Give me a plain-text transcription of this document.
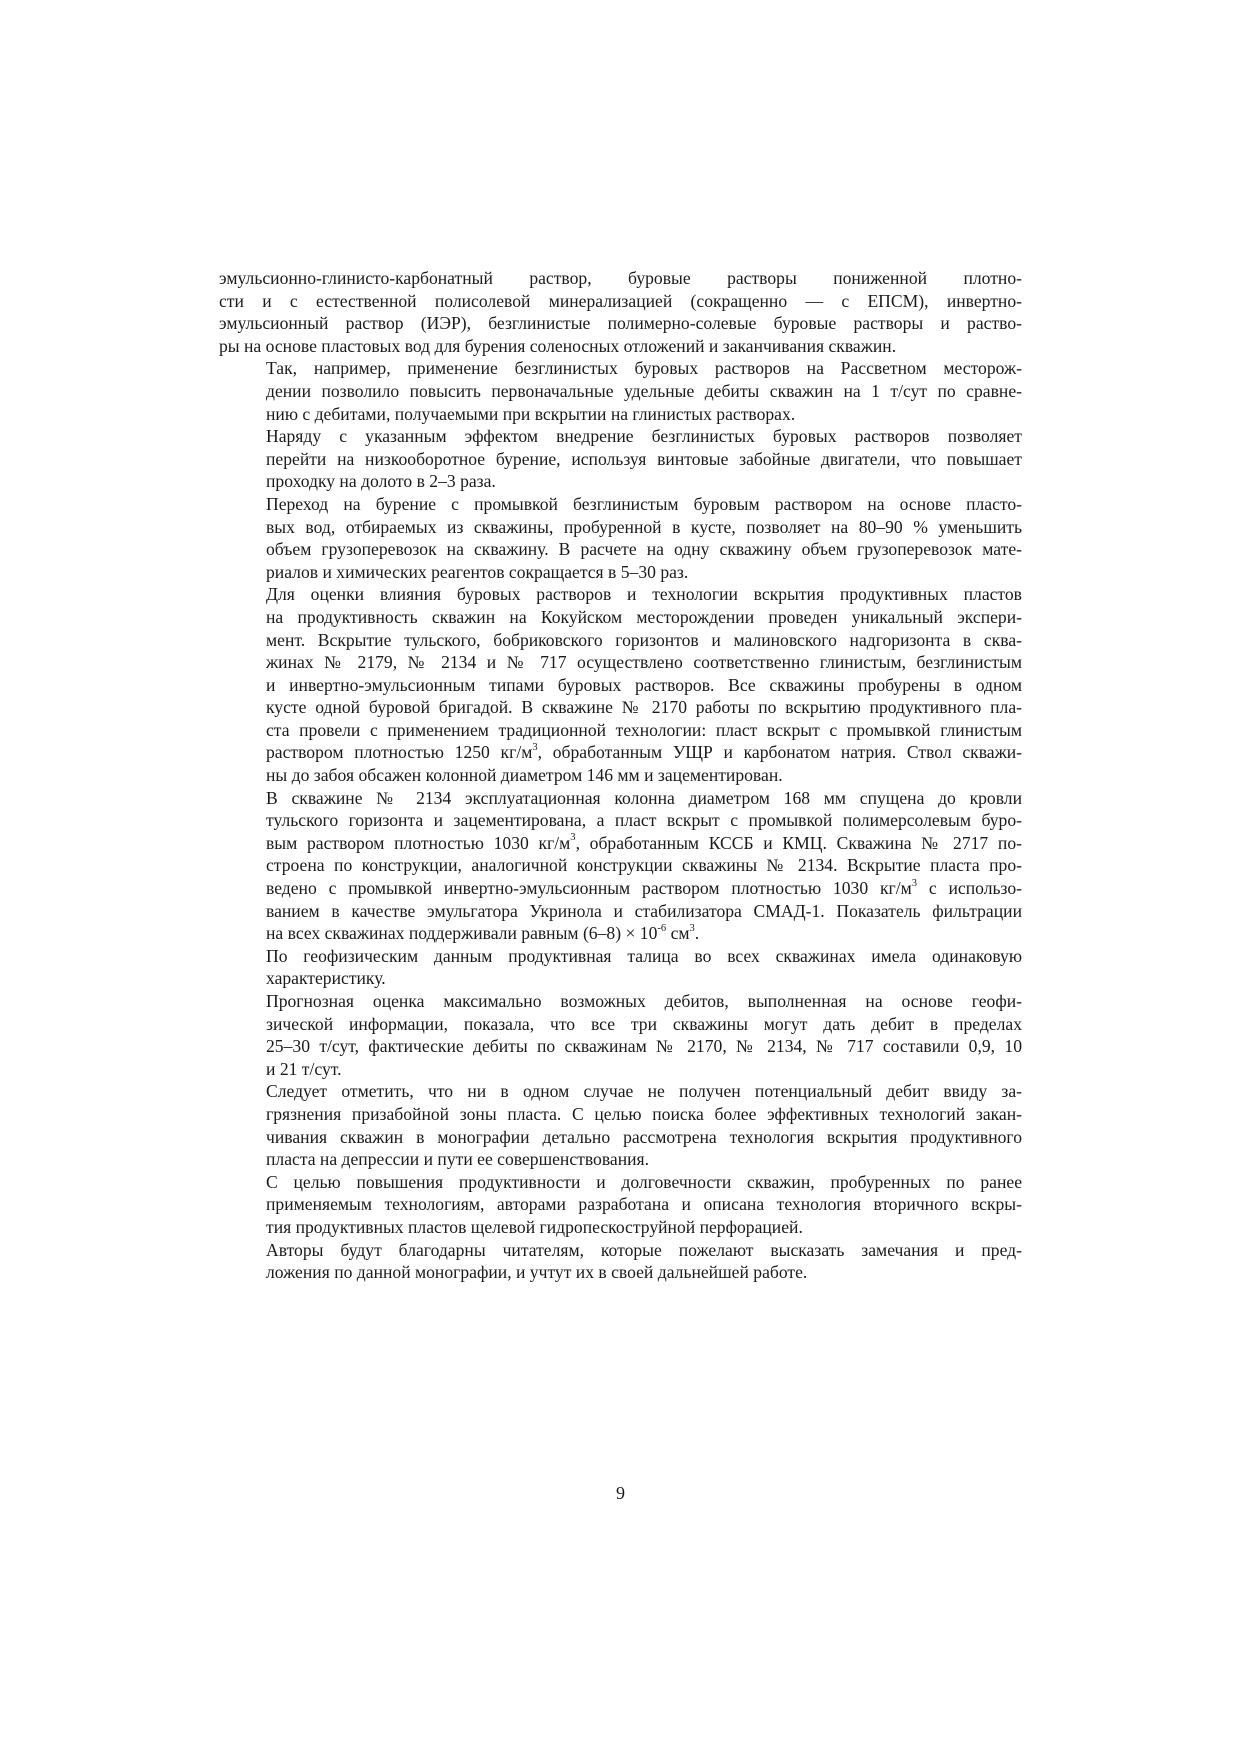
эмульсионно-глинисто-карбонатный раствор, буровые растворы пониженной плотно-
сти и с естественной полисолевой минерализацией (сокращенно — с ЕПСМ), инвертно-
эмульсионный раствор (ИЭР), безглинистые полимерно-солевые буровые растворы и раство-
ры на основе пластовых вод для бурения соленосных отложений и заканчивания скважин.

Так, например, применение безглинистых буровых растворов на Рассветном месторож-
дении позволило повысить первоначальные удельные дебиты скважин на 1 т/сут по сравне-
нию с дебитами, получаемыми при вскрытии на глинистых растворах.

Наряду с указанным эффектом внедрение безглинистых буровых растворов позволяет
перейти на низкооборотное бурение, используя винтовые забойные двигатели, что повышает
проходку на долото в 2–3 раза.

Переход на бурение с промывкой безглинистым буровым раствором на основе пласто-
вых вод, отбираемых из скважины, пробуренной в кусте, позволяет на 80–90 % уменьшить
объем грузоперевозок на скважину. В расчете на одну скважину объем грузоперевозок мате-
риалов и химических реагентов сокращается в 5–30 раз.

Для оценки влияния буровых растворов и технологии вскрытия продуктивных пластов
на продуктивность скважин на Кокуйском месторождении проведен уникальный экспери-
мент. Вскрытие тульского, бобриковского горизонтов и малиновского надгоризонта в сква-
жинах № 2179, № 2134 и № 717 осуществлено соответственно глинистым, безглинистым
и инвертно-эмульсионным типами буровых растворов. Все скважины пробурены в одном
кусте одной буровой бригадой. В скважине № 2170 работы по вскрытию продуктивного пла-
ста провели с применением традиционной технологии: пласт вскрыт с промывкой глинистым
раствором плотностью 1250 $кг/м^3$, обработанным УЩР и карбонатом натрия. Ствол скважи-
ны до забоя обсажен колонной диаметром 146 мм и зацементирован.

В скважине № 2134 эксплуатационная колонна диаметром 168 мм спущена до кровли
тульского горизонта и зацементирована, а пласт вскрыт с промывкой полимерсолевым буро-
вым раствором плотностью 1030 $кг/м^3$, обработанным КССБ и КМЦ. Скважина № 2717 по-
строена по конструкции, аналогичной конструкции скважины № 2134. Вскрытие пласта про-
ведено с промывкой инвертно-эмульсионным раствором плотностью 1030 $кг/м^3$ с использо-
ванием в качестве эмульгатора Укринола и стабилизатора СМАД-1. Показатель фильтрации
на всех скважинах поддерживали равным $(6-8) \times 10^{-6}$ $см^3$.

По геофизическим данным продуктивная талица во всех скважинах имела одинаковую
характеристику.

Прогнозная оценка максимально возможных дебитов, выполненная на основе геофи-
зической информации, показала, что все три скважины могут дать дебит в пределах
25–30 т/сут, фактические дебиты по скважинам № 2170, № 2134, № 717 составили 0,9, 10
и 21 т/сут.

Следует отметить, что ни в одном случае не получен потенциальный дебит ввиду за-
грязнения призабойной зоны пласта. С целью поиска более эффективных технологий закан-
чивания скважин в монографии детально рассмотрена технология вскрытия продуктивного
пласта на депрессии и пути ее совершенствования.

С целью повышения продуктивности и долговечности скважин, пробуренных по ранее
применяемым технологиям, авторами разработана и описана технология вторичного вскры-
тия продуктивных пластов щелевой гидропескоструйной перфорацией.

Авторы будут благодарны читателям, которые пожелают высказать замечания и пред-
ложения по данной монографии, и учтут их в своей дальнейшей работе.

9
